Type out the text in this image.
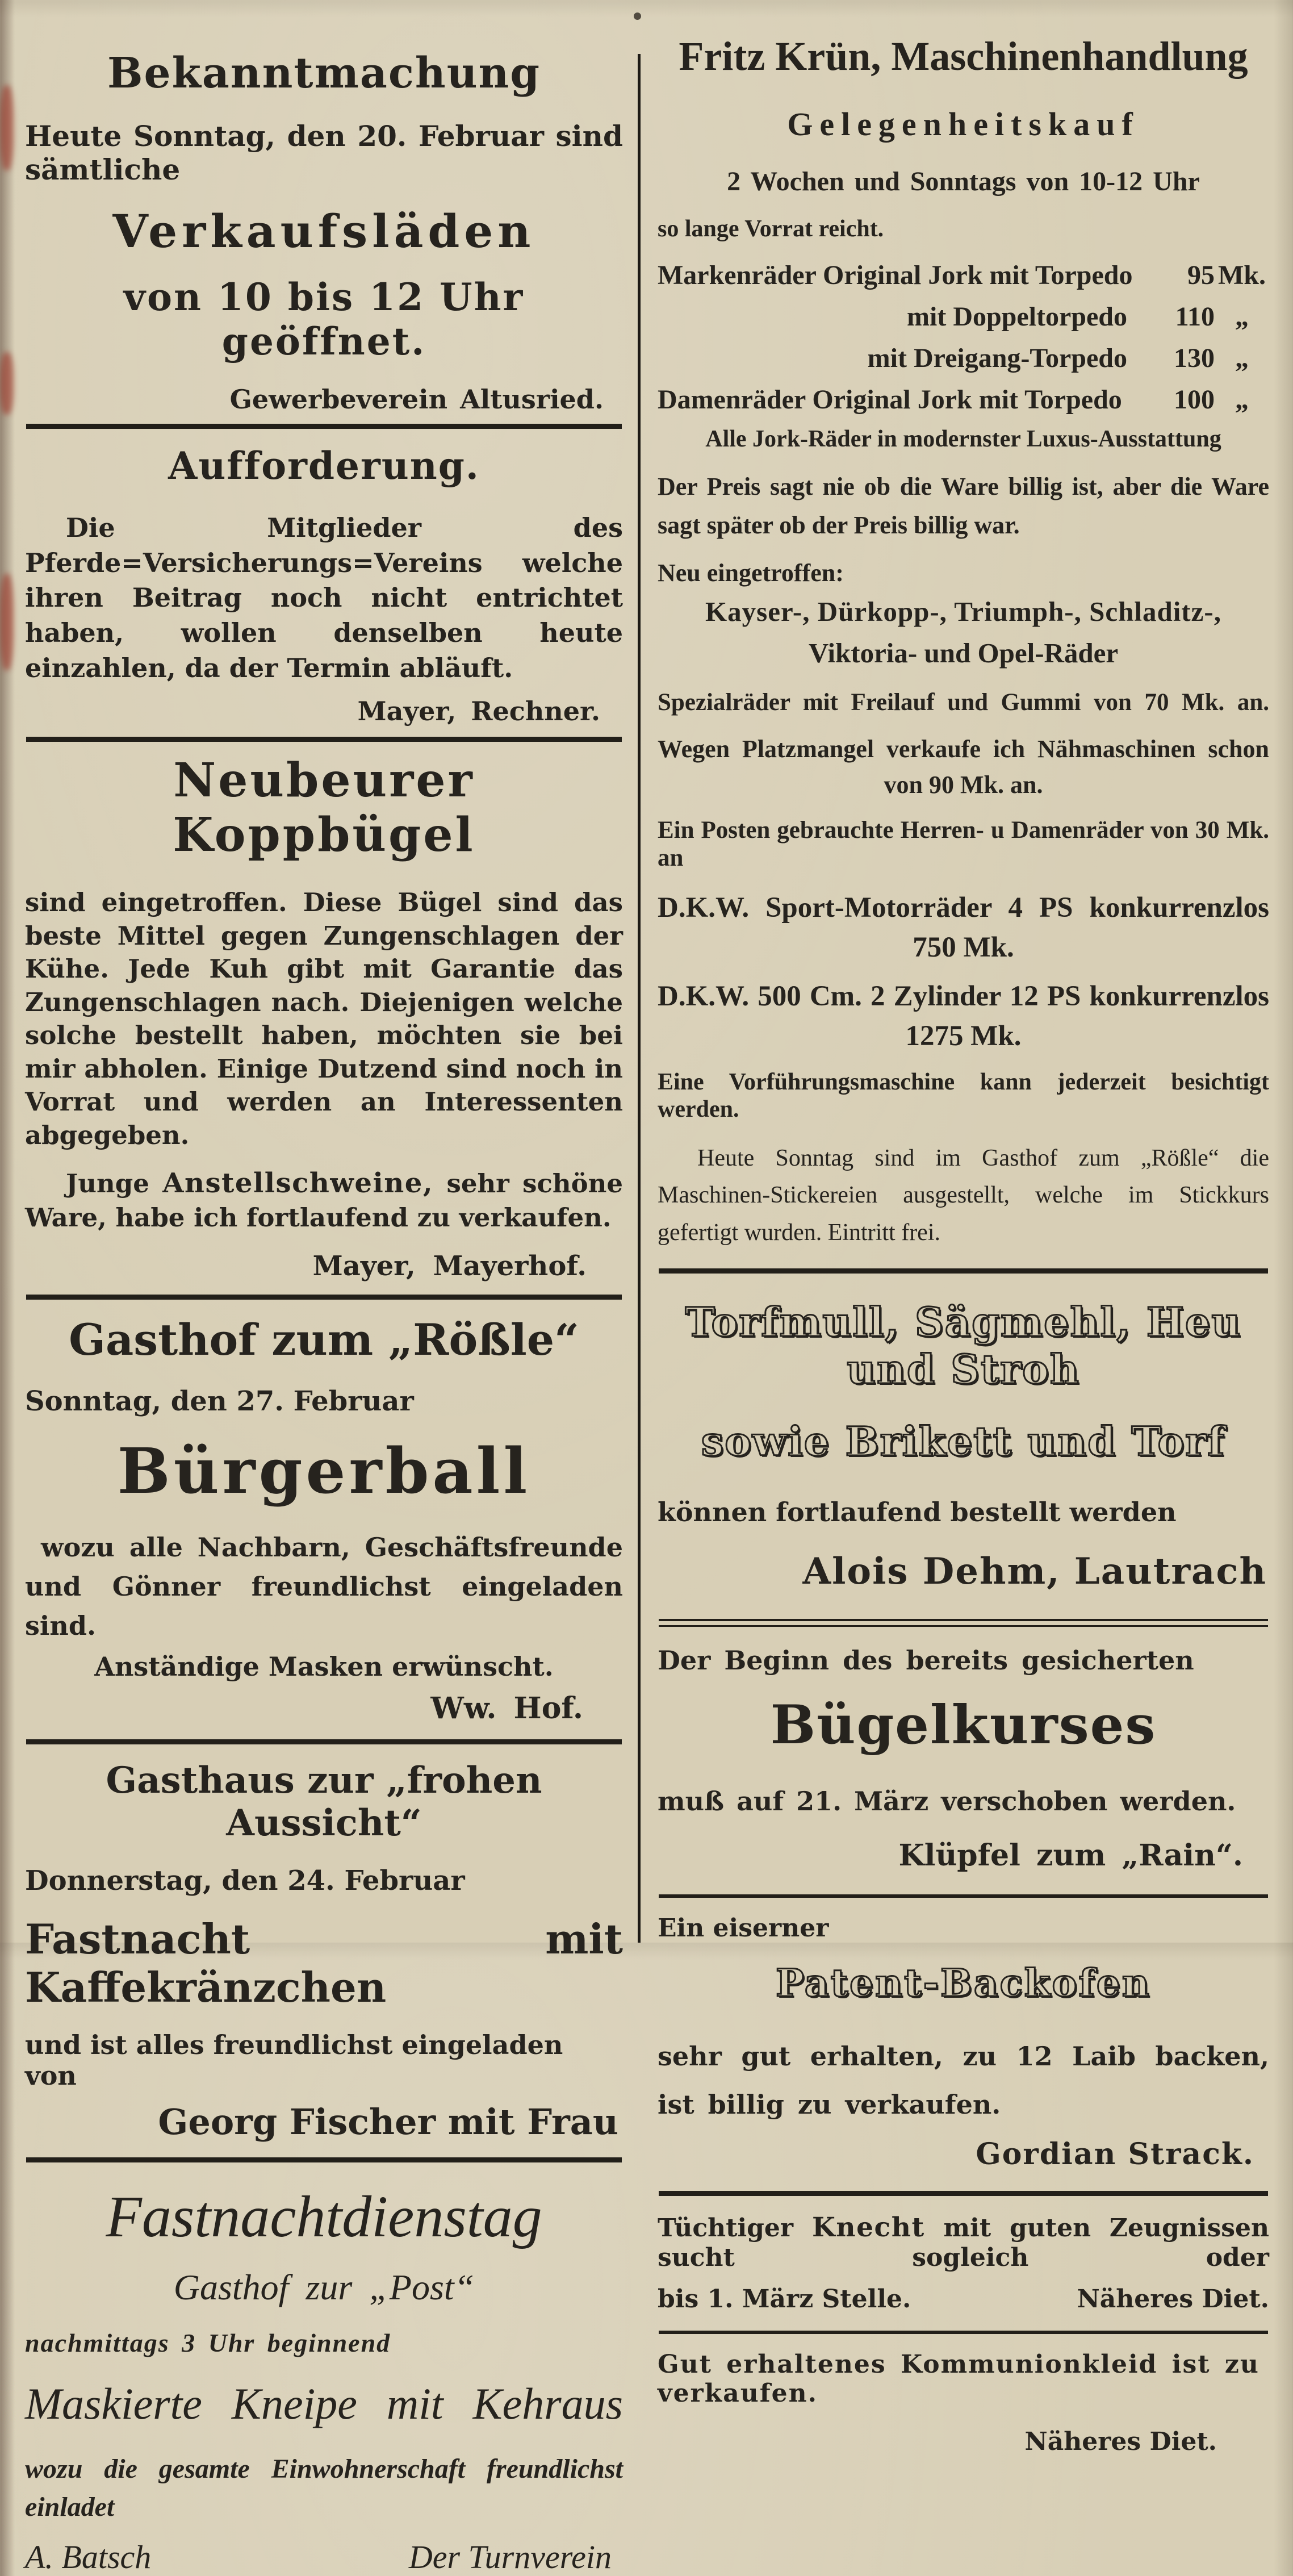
Bekanntmachung

Heute Sonntag, den 20. Februar sind sämtliche

Verkaufsläden

von 10 bis 12 Uhr geöffnet.

Gewerbeverein Altusried.

Aufforderung.

Die Mitglieder des Pferde=Versicherungs=Vereins welche ihren Beitrag noch nicht entrichtet haben, wollen denselben heute einzahlen, da der Termin abläuft.

Mayer, Rechner.

Neubeurer Koppbügel

sind eingetroffen. Diese Bügel sind das beste Mittel gegen Zungenschlagen der Kühe. Jede Kuh gibt mit Garantie das Zungenschlagen nach. Diejenigen welche solche bestellt haben, möchten sie bei mir abholen. Einige Dutzend sind noch in Vorrat und werden an Interessenten abgegeben.

Junge Anstellschweine, sehr schöne Ware, habe ich fortlaufend zu verkaufen.

Mayer, Mayerhof.

Gasthof zum „Rößle“

Sonntag, den 27. Februar

Bürgerball

wozu alle Nachbarn, Geschäftsfreunde und Gönner freundlichst eingeladen sind.

Anständige Masken erwünscht.

Ww. Hof.

Gasthaus zur „frohen Aussicht“

Donnerstag, den 24. Februar

Fastnacht mit Kaffekränzchen

und ist alles freundlichst eingeladen von

Georg Fischer mit Frau

Fastnachtdienstag

Gasthof zur „Post“

nachmittags 3 Uhr beginnend

Maskierte Kneipe mit Kehraus

wozu die gesamte Einwohnerschaft freundlichst einladet

A. Batsch	Der Turnverein
Fritz Krün, Maschinenhandlung
Gelegenheitskauf

2 Wochen und Sonntags von 10-12 Uhr

so lange Vorrat reicht.

Markenräder Original Jork mit Torpedo	95 Mk.
mit Doppeltorpedo	110 „
mit Dreigang-Torpedo	130 „
Damenräder Original Jork mit Torpedo	100 „

Alle Jork-Räder in modernster Luxus-Ausstattung

Der Preis sagt nie ob die Ware billig ist, aber die Ware sagt später ob der Preis billig war.

Neu eingetroffen:

Kayser-, Dürkopp-, Triumph-, Schladitz-,

Viktoria- und Opel-Räder

Spezialräder mit Freilauf und Gummi von 70 Mk. an.

Wegen Platzmangel verkaufe ich Nähmaschinen schon

von 90 Mk. an.

Ein Posten gebrauchte Herren- u Damenräder von 30 Mk. an

D.K.W. Sport-Motorräder 4 PS konkurrenzlos

750 Mk.

D.K.W. 500 Cm. 2 Zylinder 12 PS konkurrenzlos

1275 Mk.

Eine Vorführungsmaschine kann jederzeit besichtigt werden.

Heute Sonntag sind im Gasthof zum „Rößle“ die Maschinen-Stickereien ausgestellt, welche im Stickkurs gefertigt wurden. Eintritt frei.

Torfmull, Sägmehl, Heu und Stroh
sowie Brikett und Torf

können fortlaufend bestellt werden

Alois Dehm, Lautrach

Der Beginn des bereits gesicherten

Bügelkurses

muß auf 21. März verschoben werden.

Klüpfel zum „Rain“.

Ein eiserner

Patent-Backofen

sehr gut erhalten, zu 12 Laib backen, ist billig zu verkaufen.

Gordian Strack.

Tüchtiger Knecht mit guten Zeugnissen sucht sogleich oder

bis 1. März Stelle.	Näheres Diet.

Gut erhaltenes Kommunionkleid ist zu verkaufen.

Näheres Diet.
